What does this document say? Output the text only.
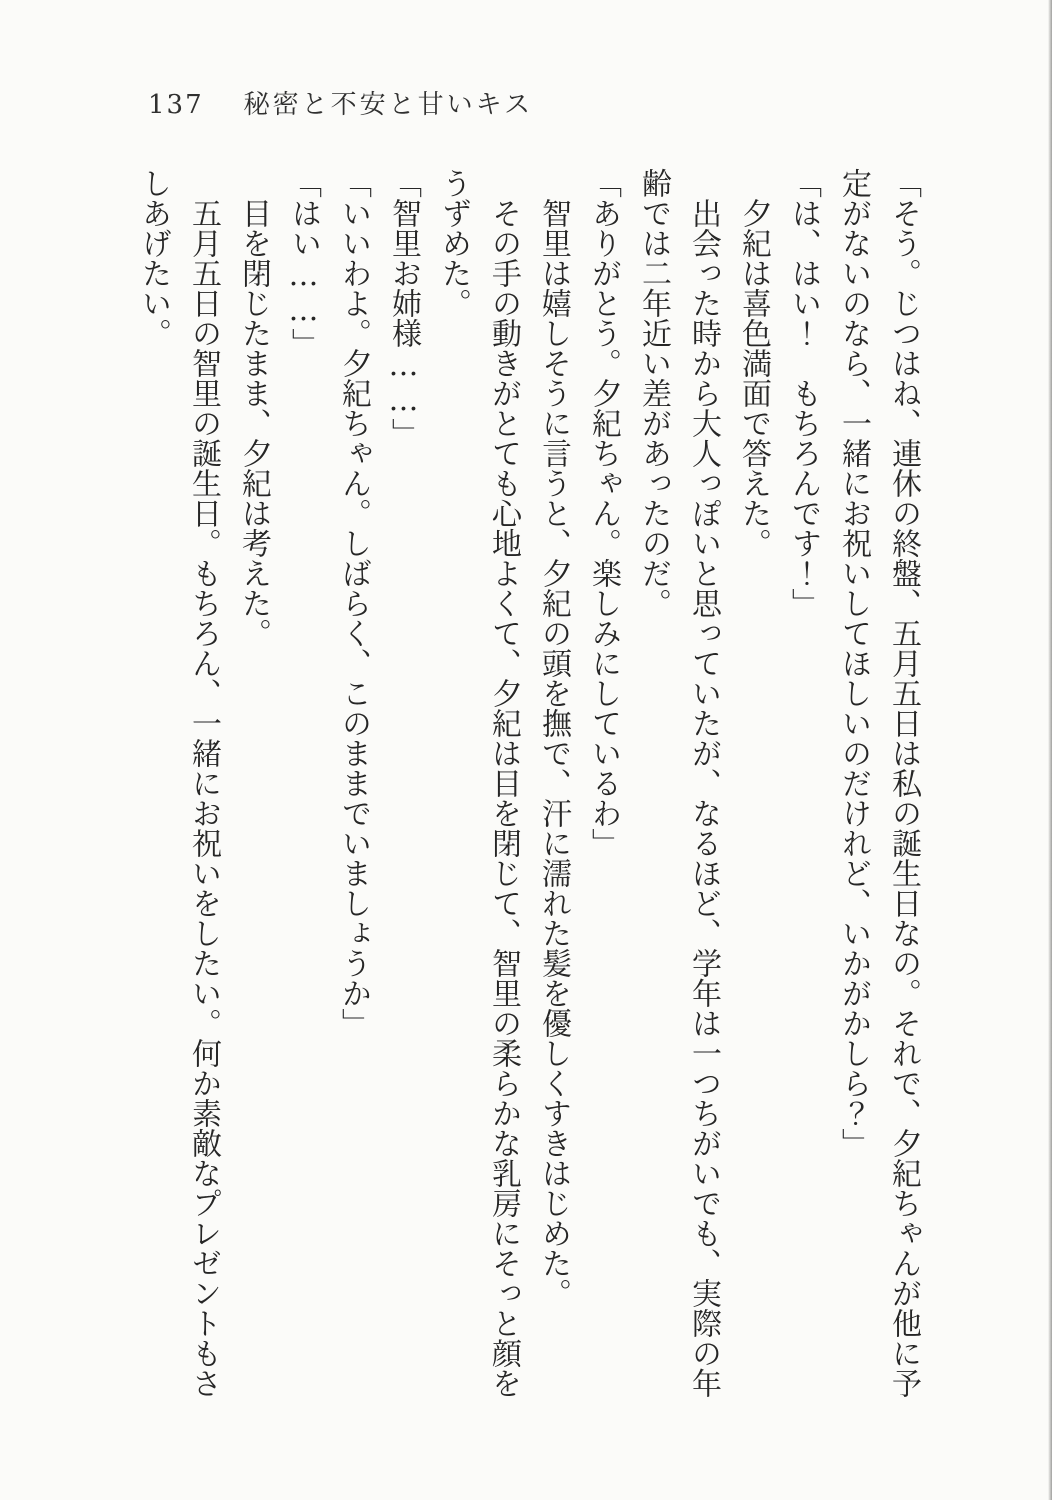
137 秘密と不安と甘いキス

「そう。じつはね、連休の終盤、五月五日は私の誕生日なの。それで、夕紀ちゃんが他に予定がないのなら、一緒にお祝いしてほしいのだけれど、いかがかしら？」

「は、はい！　もちろんです！」

夕紀は喜色満面で答えた。

出会った時から大人っぽいと思っていたが、なるほど、学年は一つちがいでも、実際の年齢では二年近い差があったのだ。

「ありがとう。夕紀ちゃん。楽しみにしているわ」

智里は嬉しそうに言うと、夕紀の頭を撫で、汗に濡れた髪を優しくすきはじめた。

その手の動きがとても心地よくて、夕紀は目を閉じて、智里の柔らかな乳房にそっと顔をうずめた。

「智里お姉様……」

「いいわよ。夕紀ちゃん。しばらく、このままでいましょうか」

「はい……」

目を閉じたまま、夕紀は考えた。

五月五日の智里の誕生日。もちろん、一緒にお祝いをしたい。何か素敵なプレゼントもさしあげたい。
